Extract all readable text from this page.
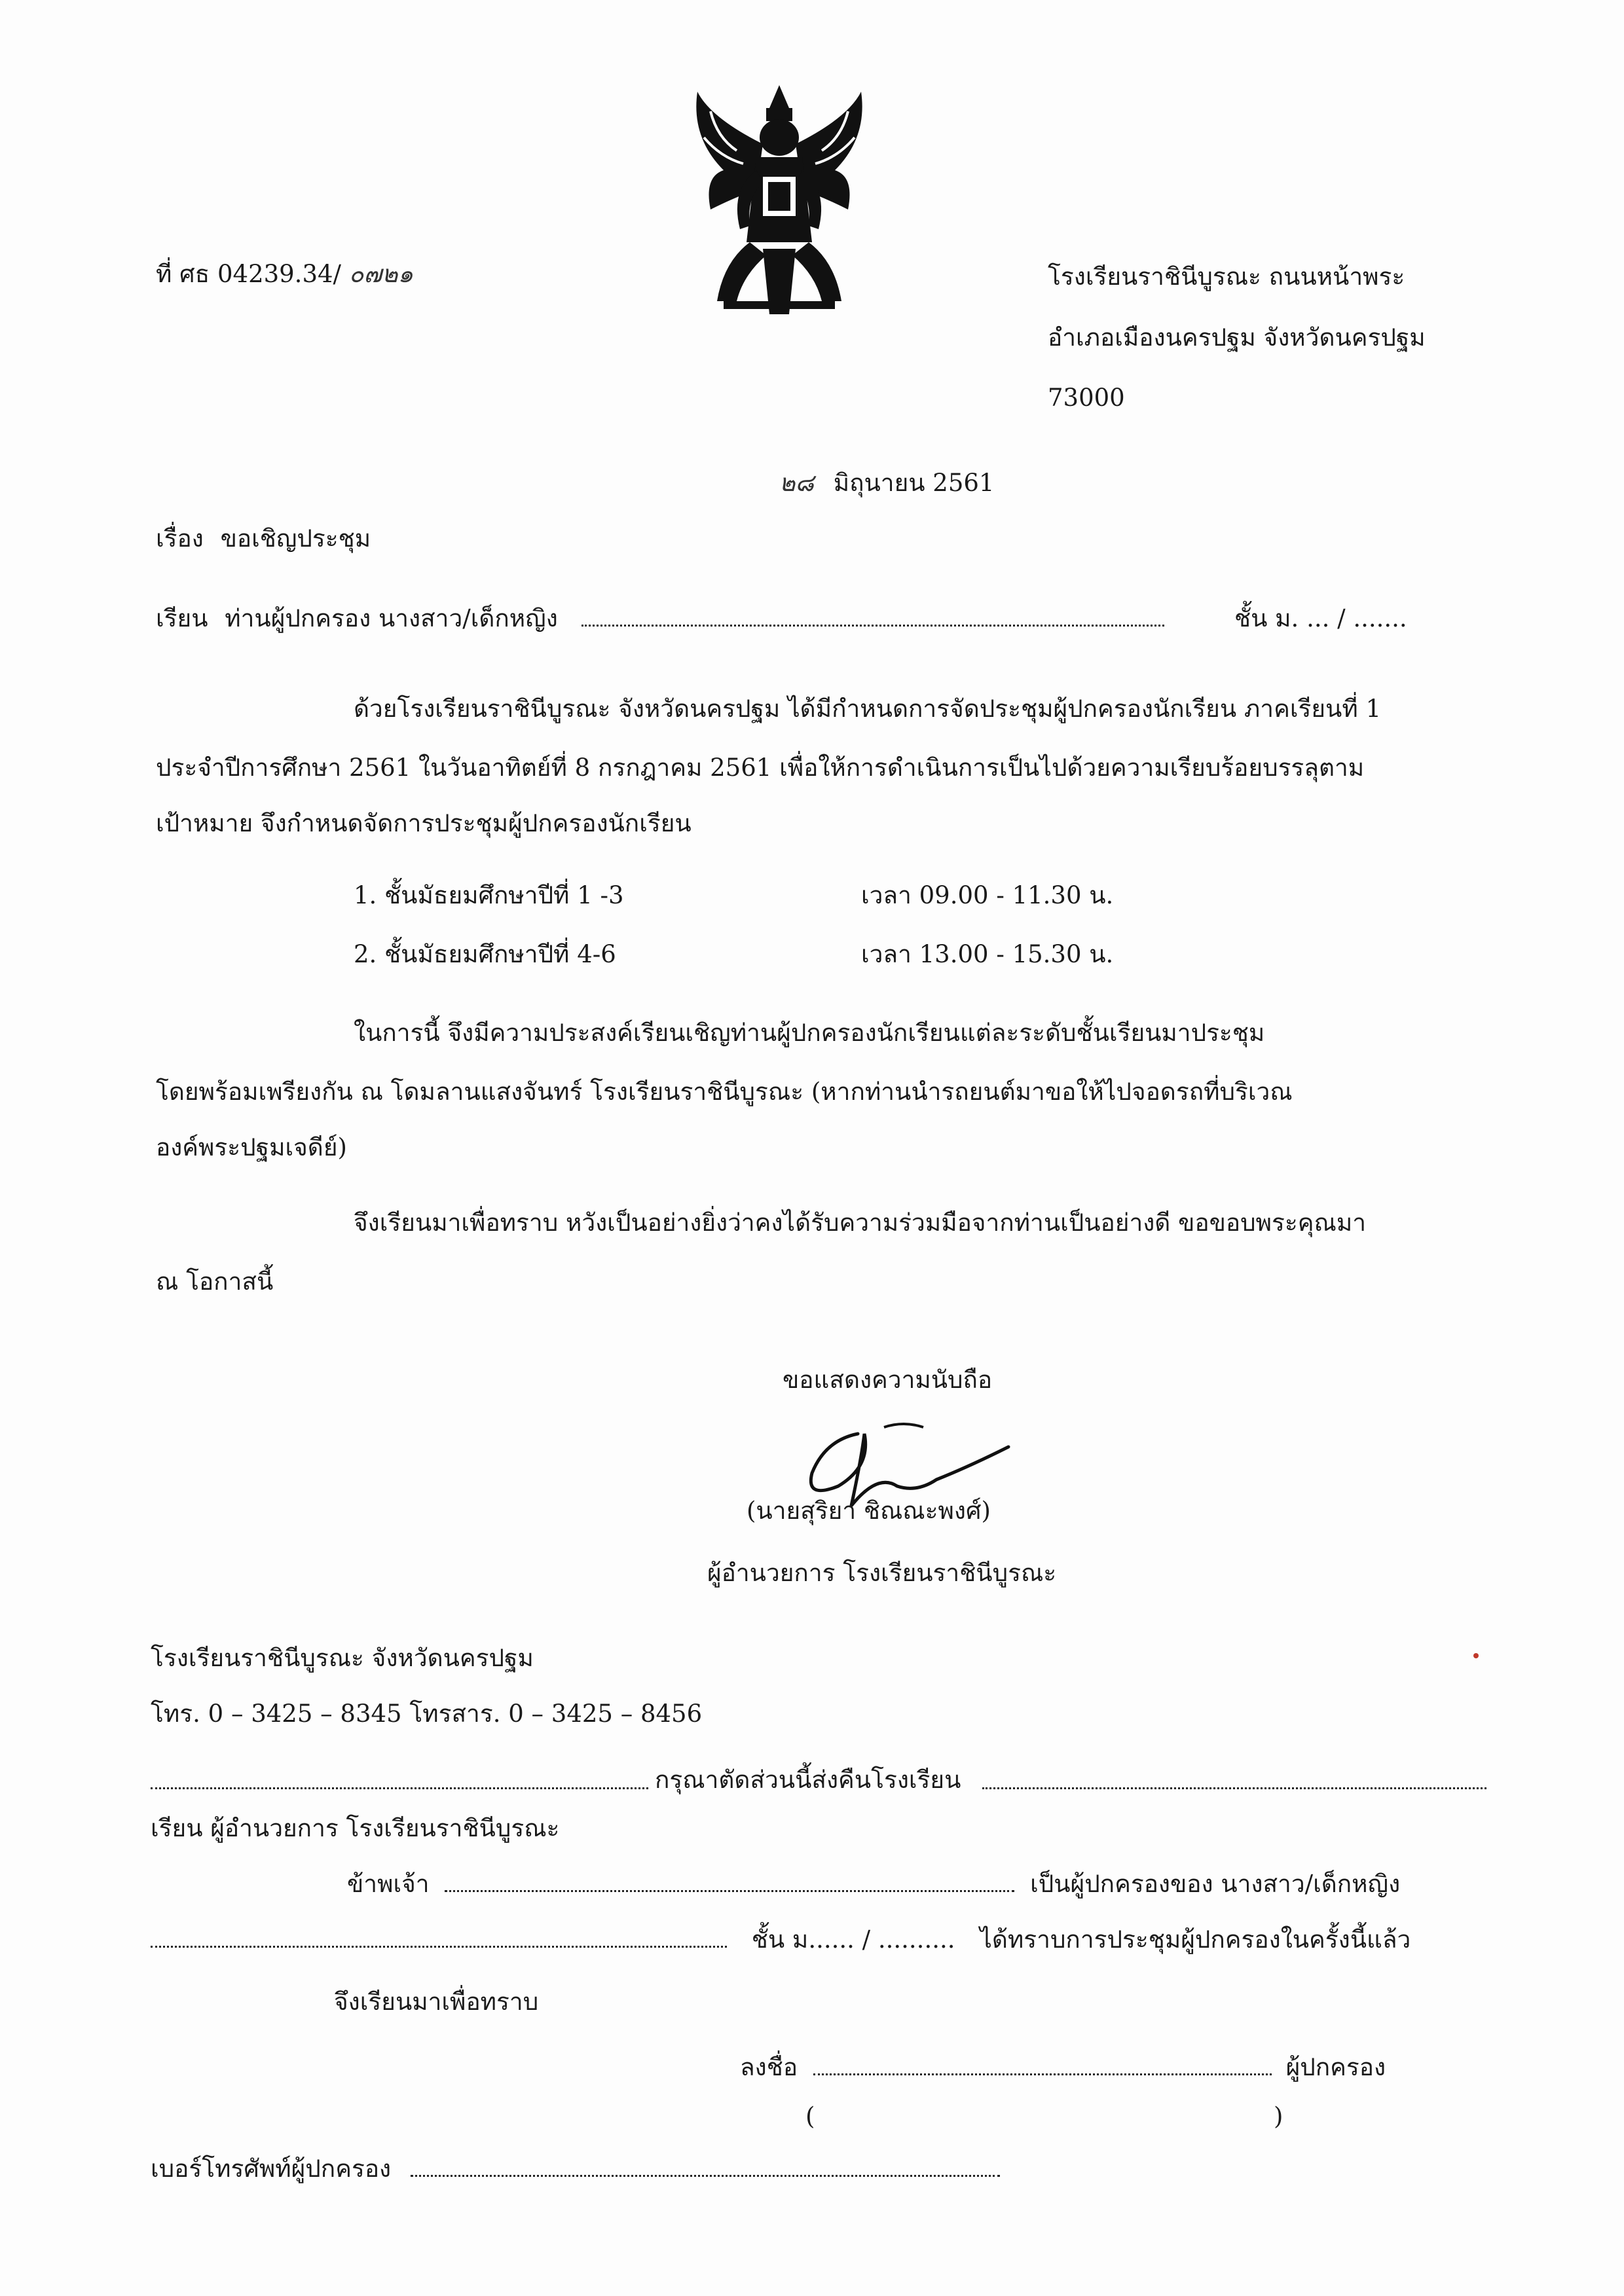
ที่ ศธ 04239.34/ ๐๗๒๑	โรงเรียนราชินีบูรณะ ถนนหน้าพระ
อำเภอเมืองนครปฐม จังหวัดนครปฐม
73000
๒๘ มิถุนายน 2561
เรื่อง ขอเชิญประชุม
เรียน ท่านผู้ปกครอง นางสาว/เด็กหญิง	ชั้น ม. ... / .......
ด้วยโรงเรียนราชินีบูรณะ จังหวัดนครปฐม ได้มีกำหนดการจัดประชุมผู้ปกครองนักเรียน ภาคเรียนที่ 1
ประจำปีการศึกษา 2561 ในวันอาทิตย์ที่ 8 กรกฎาคม 2561 เพื่อให้การดำเนินการเป็นไปด้วยความเรียบร้อยบรรลุตาม
เป้าหมาย จึงกำหนดจัดการประชุมผู้ปกครองนักเรียน
1. ชั้นมัธยมศึกษาปีที่ 1 -3	เวลา 09.00 - 11.30 น.
2. ชั้นมัธยมศึกษาปีที่ 4-6	เวลา 13.00 - 15.30 น.
ในการนี้ จึงมีความประสงค์เรียนเชิญท่านผู้ปกครองนักเรียนแต่ละระดับชั้นเรียนมาประชุม
โดยพร้อมเพรียงกัน ณ โดมลานแสงจันทร์ โรงเรียนราชินีบูรณะ (หากท่านนำรถยนต์มาขอให้ไปจอดรถที่บริเวณ
องค์พระปฐมเจดีย์)
จึงเรียนมาเพื่อทราบ หวังเป็นอย่างยิ่งว่าคงได้รับความร่วมมือจากท่านเป็นอย่างดี ขอขอบพระคุณมา
ณ โอกาสนี้
ขอแสดงความนับถือ
(นายสุริยา ชิณณะพงศ์)
ผู้อำนวยการ โรงเรียนราชินีบูรณะ
โรงเรียนราชินีบูรณะ จังหวัดนครปฐม
โทร. 0 – 3425 – 8345 โทรสาร. 0 – 3425 – 8456
กรุณาตัดส่วนนี้ส่งคืนโรงเรียน
เรียน ผู้อำนวยการ โรงเรียนราชินีบูรณะ
ข้าพเจ้า	เป็นผู้ปกครองของ นางสาว/เด็กหญิง
ชั้น ม...... / .......... ได้ทราบการประชุมผู้ปกครองในครั้งนี้แล้ว
จึงเรียนมาเพื่อทราบ
ลงชื่อ	ผู้ปกครอง
(	)
เบอร์โทรศัพท์ผู้ปกครอง
